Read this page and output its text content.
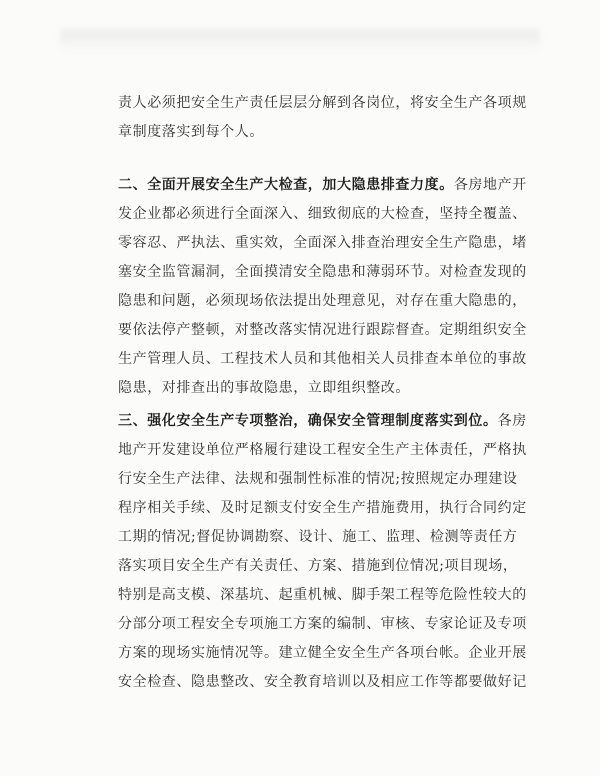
责人必须把安全生产责任层层分解到各岗位，将安全生产各项规
章制度落实到每个人。
二、全面开展安全生产大检查，加大隐患排查力度。各房地产开
发企业都必须进行全面深入、细致彻底的大检查，坚持全覆盖、
零容忍、严执法、重实效，全面深入排查治理安全生产隐患，堵
塞安全监管漏洞，全面摸清安全隐患和薄弱环节。对检查发现的
隐患和问题，必须现场依法提出处理意见，对存在重大隐患的，
要依法停产整顿，对整改落实情况进行跟踪督查。定期组织安全
生产管理人员、工程技术人员和其他相关人员排查本单位的事故
隐患，对排查出的事故隐患，立即组织整改。
三、强化安全生产专项整治，确保安全管理制度落实到位。各房
地产开发建设单位严格履行建设工程安全生产主体责任，严格执
行安全生产法律、法规和强制性标准的情况;按照规定办理建设
程序相关手续、及时足额支付安全生产措施费用，执行合同约定
工期的情况;督促协调勘察、设计、施工、监理、检测等责任方
落实项目安全生产有关责任、方案、措施到位情况;项目现场，
特别是高支模、深基坑、起重机械、脚手架工程等危险性较大的
分部分项工程安全专项施工方案的编制、审核、专家论证及专项
方案的现场实施情况等。建立健全安全生产各项台帐。企业开展
安全检查、隐患整改、安全教育培训以及相应工作等都要做好记
